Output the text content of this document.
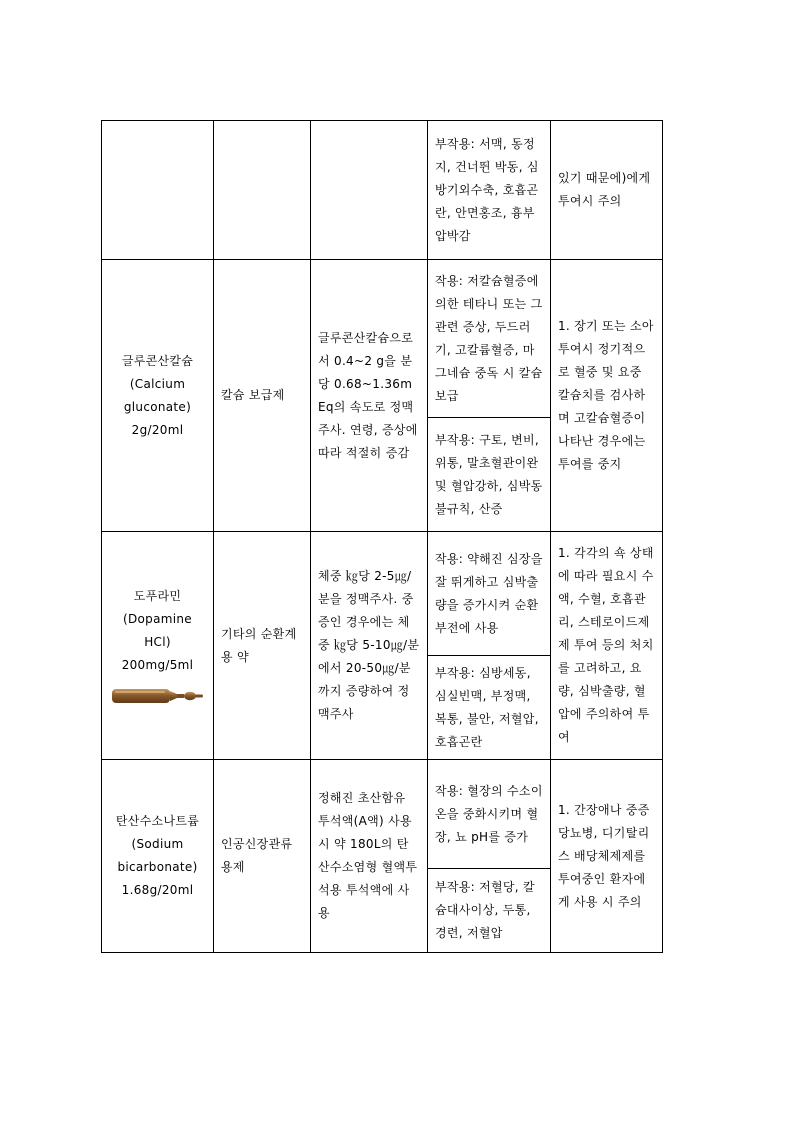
			부작용: 서맥, 동정지, 건너뛴 박동, 심방기외수축, 호흡곤란, 안면홍조, 흉부압박감	있기 때문에)에게 투여시 주의

글루콘산칼슘
(Calcium
gluconate)
2g/20ml	칼슘 보급제	글루콘산칼슘으로서 0.4~2 g을 분당 0.68~1.36mEq의 속도로 정맥주사. 연령, 증상에 따라 적절히 증감	작용: 저칼슘혈증에 의한 테타니 또는 그 관련 증상, 두드러기, 고칼륨혈증, 마그네슘 중독 시 칼슘 보급	1. 장기 또는 소아투여시 정기적으로 혈중 및 요중 칼슘치를 검사하며 고칼슘혈증이 나타난 경우에는 투여를 중지
			부작용: 구토, 변비, 위통, 말초혈관이완 및 혈압강하, 심박동불규칙, 산증	

도푸라민
(Dopamine
HCl)
200mg/5ml	기타의 순환계용 약	체중 ㎏당 2-5㎍/분을 정맥주사. 중증인 경우에는 체중 ㎏당 5-10㎍/분에서 20-50㎍/분까지 증량하여 정맥주사	작용: 약해진 심장을 잘 뛰게하고 심박출량을 증가시켜 순환부전에 사용	1. 각각의 쇽 상태에 따라 필요시 수액, 수혈, 호흡관리, 스테로이드제제 투여 등의 처치를 고려하고, 요량, 심박출량, 혈압에 주의하여 투여
			부작용: 심방세동, 심실빈맥, 부정맥, 복통, 불안, 저혈압, 호흡곤란	

탄산수소나트륨
(Sodium
bicarbonate)
1.68g/20ml	인공신장관류용제	정해진 초산함유 투석액(A액) 사용시 약 180L의 탄산수소염형 혈액투석용 투석액에 사용	작용: 혈장의 수소이온을 중화시키며 혈장, 뇨 pH를 증가	1. 간장애나 중증당뇨병, 디기탈리스 배당체제제를 투여중인 환자에게 사용 시 주의
			부작용: 저혈당, 칼슘대사이상, 두통, 경련, 저혈압	
